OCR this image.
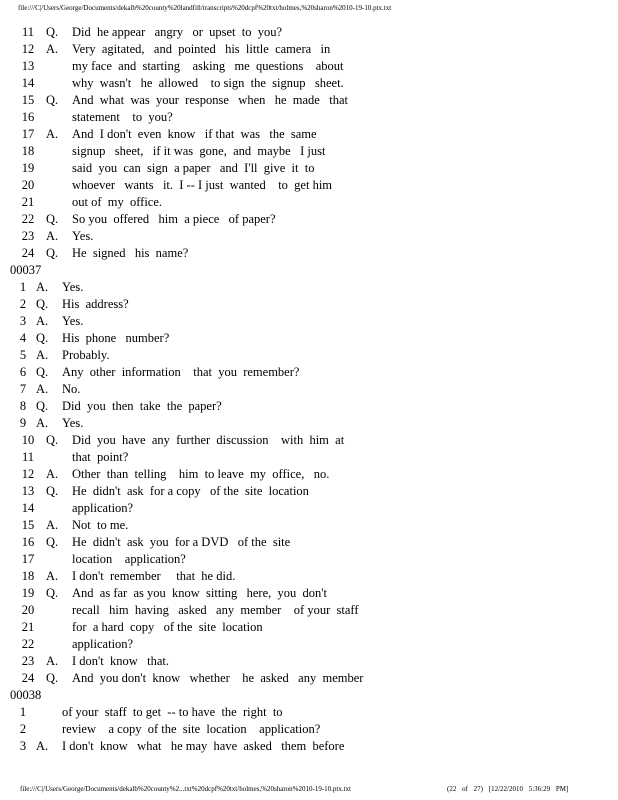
file:///C|/Users/George/Documents/dekalb%20county%20landfill/transcripts%20dcpf%20txt/holmes,%20sharon%2010-19-10.ptx.txt
11 Q. Did  he appear   angry   or  upset  to  you?
12 A. Very  agitated,   and  pointed   his  little  camera   in
13	my face  and  starting    asking   me  questions    about
14	why  wasn't   he  allowed    to sign  the  signup   sheet.
15 Q. And  what  was  your  response   when   he  made   that
16	statement    to  you?
17 A. And  I don't  even  know   if that  was   the  same
18	signup   sheet,   if it was  gone,  and  maybe   I just
19	said  you  can  sign  a paper   and  I'll  give  it  to
20	whoever   wants   it.  I -- I just  wanted    to  get him
21	out of  my  office.
22 Q. So you  offered   him  a piece   of paper?
23 A. Yes.
24 Q. He  signed   his  name?
00037
1 A. Yes.
2 Q. His  address?
3 A. Yes.
4 Q. His  phone   number?
5 A. Probably.
6 Q. Any  other  information    that  you  remember?
7 A. No.
8 Q. Did  you  then  take  the  paper?
9 A. Yes.
10 Q. Did  you  have  any  further  discussion    with  him  at
11	that  point?
12 A. Other  than  telling    him  to leave  my  office,   no.
13 Q. He  didn't  ask  for a copy   of the  site  location
14	application?
15 A. Not  to me.
16 Q. He  didn't  ask  you  for a DVD   of the  site
17	location    application?
18 A. I don't  remember     that  he did.
19 Q. And  as far  as you  know  sitting   here,  you  don't
20	recall   him  having   asked   any  member    of your  staff
21	for  a hard  copy   of the  site  location
22	application?
23 A. I don't  know   that.
24 Q. And  you don't  know   whether    he  asked   any  member
00038
1	of your  staff  to get  -- to have  the  right  to
2	review    a copy  of the  site  location    application?
3 A. I don't  know   what   he may  have  asked   them  before
file:///C|/Users/George/Documents/dekalb%20county%2...txt%20dcpf%20txt/holmes,%20sharon%2010-19-10.ptx.txt	(22 of 27) [12/22/2010 5:36:29 PM]
